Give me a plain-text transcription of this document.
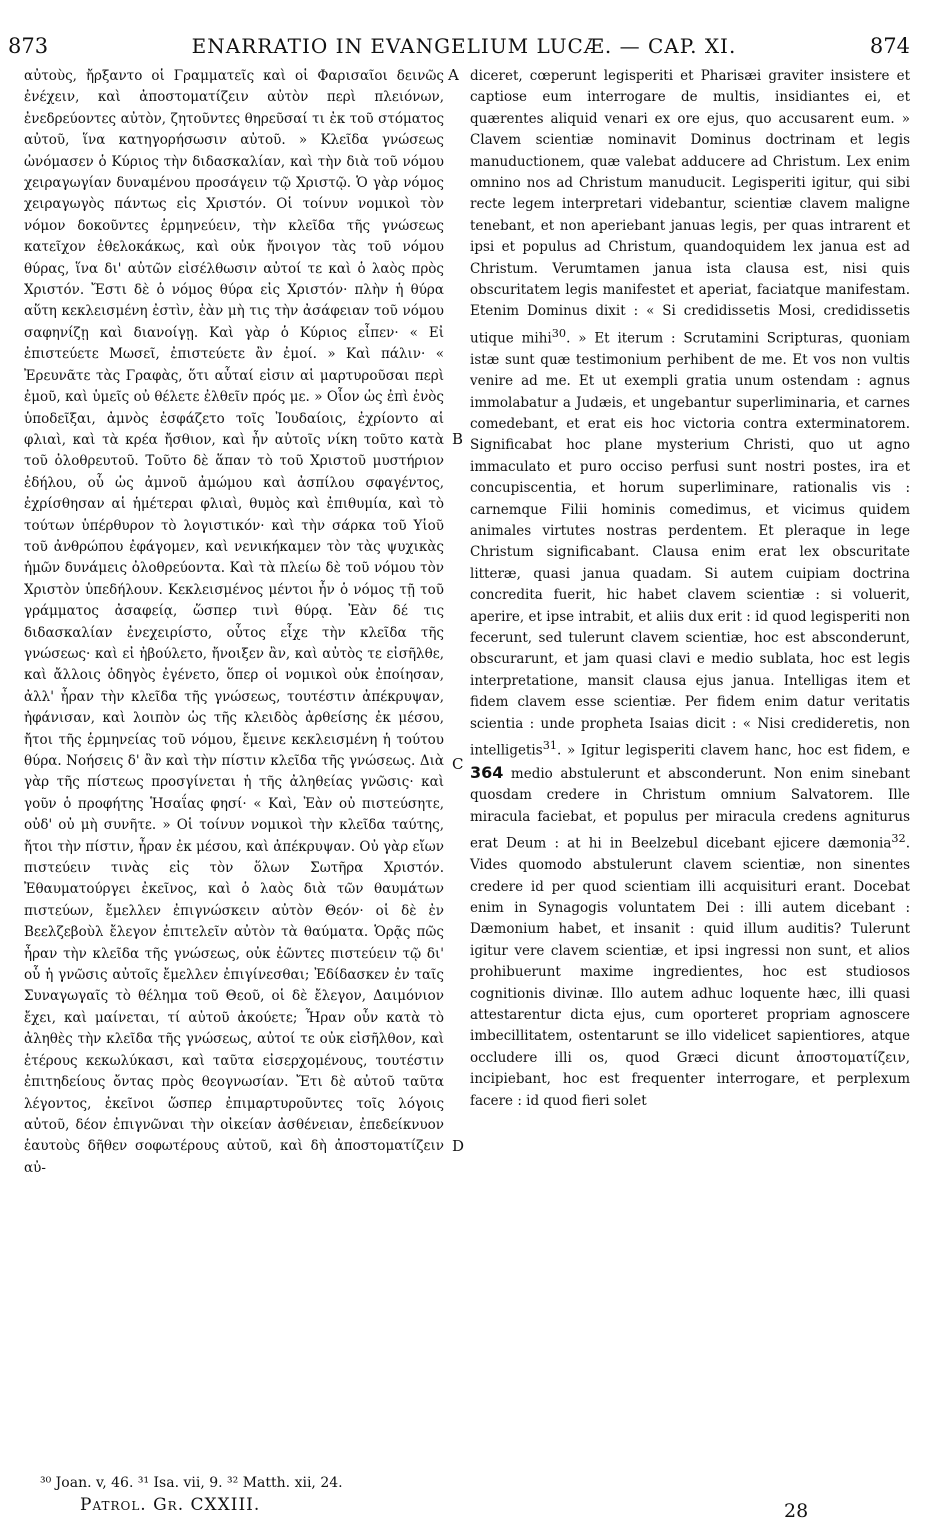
873	ENARRATIO IN EVANGELIUM LUCÆ. — CAP. XI.	874

αὐτοὺς, ἤρξαντο οἱ Γραμματεῖς καὶ οἱ Φαρισαῖοι δεινῶς ἐνέχειν, καὶ ἀποστοματίζειν αὐτὸν περὶ πλειόνων, ἐνεδρεύοντες αὐτὸν, ζητοῦντες θηρεῦσαί τι ἐκ τοῦ στόματος αὐτοῦ, ἵνα κατηγορήσωσιν αὐτοῦ. » Κλεῖδα γνώσεως ὠνόμασεν ὁ Κύριος τὴν διδασκαλίαν, καὶ τὴν διὰ τοῦ νόμου χειραγωγίαν δυναμένου προσάγειν τῷ Χριστῷ. Ὁ γὰρ νόμος χειραγωγὸς πάντως εἰς Χριστόν. Οἱ τοίνυν νομικοὶ τὸν νόμον δοκοῦντες ἑρμηνεύειν, τὴν κλεῖδα τῆς γνώσεως κατεῖχον ἐθελοκάκως, καὶ οὐκ ἤνοιγον τὰς τοῦ νόμου θύρας, ἵνα δι' αὐτῶν εἰσέλθωσιν αὐτοί τε καὶ ὁ λαὸς πρὸς Χριστόν. Ἔστι δὲ ὁ νόμος θύρα εἰς Χριστόν· πλὴν ἡ θύρα αὕτη κεκλεισμένη ἐστὶν, ἐὰν μὴ τις τὴν ἀσάφειαν τοῦ νόμου σαφηνίζῃ καὶ διανοίγῃ. Καὶ γὰρ ὁ Κύριος εἶπεν· « Εἰ ἐπιστεύετε Μωσεῖ, ἐπιστεύετε ἂν ἐμοί. » Καὶ πάλιν· « Ἐρευνᾶτε τὰς Γραφὰς, ὅτι αὗταί εἰσιν αἱ μαρτυροῦσαι περὶ ἐμοῦ, καὶ ὑμεῖς οὐ θέλετε ἐλθεῖν πρός με. » Οἷον ὡς ἐπὶ ἑνὸς ὑποδεῖξαι, ἀμνὸς ἐσφάζετο τοῖς Ἰουδαίοις, ἐχρίοντο αἱ φλιαὶ, καὶ τὰ κρέα ἤσθιον, καὶ ἦν αὐτοῖς νίκη τοῦτο κατὰ τοῦ ὀλοθρευτοῦ. Τοῦτο δὲ ἅπαν τὸ τοῦ Χριστοῦ μυστήριον ἐδήλου, οὗ ὡς ἀμνοῦ ἀμώμου καὶ ἀσπίλου σφαγέντος, ἐχρίσθησαν αἱ ἡμέτεραι φλιαὶ, θυμὸς καὶ ἐπιθυμία, καὶ τὸ τούτων ὑπέρθυρον τὸ λογιστικόν· καὶ τὴν σάρκα τοῦ Υἱοῦ τοῦ ἀνθρώπου ἐφάγομεν, καὶ νενικήκαμεν τὸν τὰς ψυχικὰς ἡμῶν δυνάμεις ὀλοθρεύοντα. Καὶ τὰ πλείω δὲ τοῦ νόμου τὸν Χριστὸν ὑπεδήλουν. Κεκλεισμένος μέντοι ἦν ὁ νόμος τῇ τοῦ γράμματος ἀσαφείᾳ, ὥσπερ τινὶ θύρᾳ. Ἐὰν δέ τις διδασκαλίαν ἐνεχειρίστο, οὗτος εἶχε τὴν κλεῖδα τῆς γνώσεως· καὶ εἰ ἠβούλετο, ἤνοιξεν ἂν, καὶ αὐτὸς τε εἰσῆλθε, καὶ ἄλλοις ὁδηγὸς ἐγένετο, ὅπερ οἱ νομικοὶ οὐκ ἐποίησαν, ἀλλ' ἦραν τὴν κλεῖδα τῆς γνώσεως, τουτέστιν ἀπέκρυψαν, ἠφάνισαν, καὶ λοιπὸν ὡς τῆς κλειδὸς ἀρθείσης ἐκ μέσου, ἤτοι τῆς ἑρμηνείας τοῦ νόμου, ἔμεινε κεκλεισμένη ἡ τούτου θύρα. Νοήσεις δ' ἂν καὶ τὴν πίστιν κλεῖδα τῆς γνώσεως. Διὰ γὰρ τῆς πίστεως προσγίνεται ἡ τῆς ἀληθείας γνῶσις· καὶ γοῦν ὁ προφήτης Ἡσαΐας φησί· « Καὶ, Ἐὰν οὐ πιστεύσητε, οὐδ' οὐ μὴ συνῆτε. » Οἱ τοίνυν νομικοὶ τὴν κλεῖδα ταύτης, ἤτοι τὴν πίστιν, ἦραν ἐκ μέσου, καὶ ἀπέκρυψαν. Οὐ γὰρ εἴων πιστεύειν τινὰς εἰς τὸν ὅλων Σωτῆρα Χριστόν. Ἐθαυματούργει ἐκεῖνος, καὶ ὁ λαὸς διὰ τῶν θαυμάτων πιστεύων, ἔμελλεν ἐπιγνώσκειν αὐτὸν Θεόν· οἱ δὲ ἐν Βεελζεβοὺλ ἔλεγον ἐπιτελεῖν αὐτὸν τὰ θαύματα. Ὁρᾷς πῶς ἦραν τὴν κλεῖδα τῆς γνώσεως, οὐκ ἐῶντες πιστεύειν τῷ δι' οὗ ἡ γνῶσις αὐτοῖς ἔμελλεν ἐπιγίνεσθαι; Ἐδίδασκεν ἐν ταῖς Συναγωγαῖς τὸ θέλημα τοῦ Θεοῦ, οἱ δὲ ἔλεγον, Δαιμόνιον ἔχει, καὶ μαίνεται, τί αὐτοῦ ἀκούετε; Ἦραν οὖν κατὰ τὸ ἀληθὲς τὴν κλεῖδα τῆς γνώσεως, αὐτοί τε οὐκ εἰσῆλθον, καὶ ἑτέρους κεκωλύκασι, καὶ ταῦτα εἰσερχομένους, τουτέστιν ἐπιτηδείους ὄντας πρὸς θεογνωσίαν. Ἔτι δὲ αὐτοῦ ταῦτα λέγοντος, ἐκεῖνοι ὥσπερ ἐπιμαρτυροῦντες τοῖς λόγοις αὐτοῦ, δέον ἐπιγνῶναι τὴν οἰκείαν ἀσθένειαν, ἐπεδείκνυον ἑαυτοὺς δῆθεν σοφωτέρους αὐτοῦ, καὶ δὴ ἀποστοματίζειν αὐ-

A
B
C
D

diceret, cœperunt legisperiti et Pharisæi graviter insistere et captiose eum interrogare de multis, insidiantes ei, et quærentes aliquid venari ex ore ejus, quo accusarent eum. » Clavem scientiæ nominavit Dominus doctrinam et legis manuductionem, quæ valebat adducere ad Christum. Lex enim omnino nos ad Christum manuducit. Legisperiti igitur, qui sibi recte legem interpretari videbantur, scientiæ clavem maligne tenebant, et non aperiebant januas legis, per quas intrarent et ipsi et populus ad Christum, quandoquidem lex janua est ad Christum. Verumtamen janua ista clausa est, nisi quis obscuritatem legis manifestet et aperiat, faciatque manifestam. Etenim Dominus dixit : « Si credidissetis Mosi, credidissetis utique mihi$^{30}$. » Et iterum : Scrutamini Scripturas, quoniam istæ sunt quæ testimonium perhibent de me. Et vos non vultis venire ad me. Et ut exempli gratia unum ostendam : agnus immolabatur a Judæis, et ungebantur superliminaria, et carnes comedebant, et erat eis hoc victoria contra exterminatorem. Significabat hoc plane mysterium Christi, quo ut agno immaculato et puro occiso perfusi sunt nostri postes, ira et concupiscentia, et horum superliminare, rationalis vis : carnemque Filii hominis comedimus, et vicimus quidem animales virtutes nostras perdentem. Et pleraque in lege Christum significabant. Clausa enim erat lex obscuritate litteræ, quasi janua quadam. Si autem cuipiam doctrina concredita fuerit, hic habet clavem scientiæ : si voluerit, aperire, et ipse intrabit, et aliis dux erit : id quod legisperiti non fecerunt, sed tulerunt clavem scientiæ, hoc est absconderunt, obscurarunt, et jam quasi clavi e medio sublata, hoc est legis interpretatione, mansit clausa ejus janua. Intelligas item et fidem clavem esse scientiæ. Per fidem enim datur veritatis scientia : unde propheta Isaias dicit : « Nisi credideretis, non intelligetis$^{31}$. » Igitur legisperiti clavem hanc, hoc est fidem, e 364 medio abstulerunt et absconderunt. Non enim sinebant quosdam credere in Christum omnium Salvatorem. Ille miracula faciebat, et populus per miracula credens agniturus erat Deum : at hi in Beelzebul dicebant ejicere dæmonia$^{32}$. Vides quomodo abstulerunt clavem scientiæ, non sinentes credere id per quod scientiam illi acquisituri erant. Docebat enim in Synagogis voluntatem Dei : illi autem dicebant : Dæmonium habet, et insanit : quid illum auditis? Tulerunt igitur vere clavem scientiæ, et ipsi ingressi non sunt, et alios prohibuerunt maxime ingredientes, hoc est studiosos cognitionis divinæ. Illo autem adhuc loquente hæc, illi quasi attestarentur dicta ejus, cum oporteret propriam agnoscere imbecillitatem, ostentarunt se illo videlicet sapientiores, atque occludere illi os, quod Græci dicunt ἀποστοματίζειν, incipiebant, hoc est frequenter interrogare, et perplexum facere : id quod fieri solet

³⁰ Joan. v, 46. ³¹ Isa. vii, 9. ³² Matth. xii, 24.
Patrol. Gr. CXXIII.	28
